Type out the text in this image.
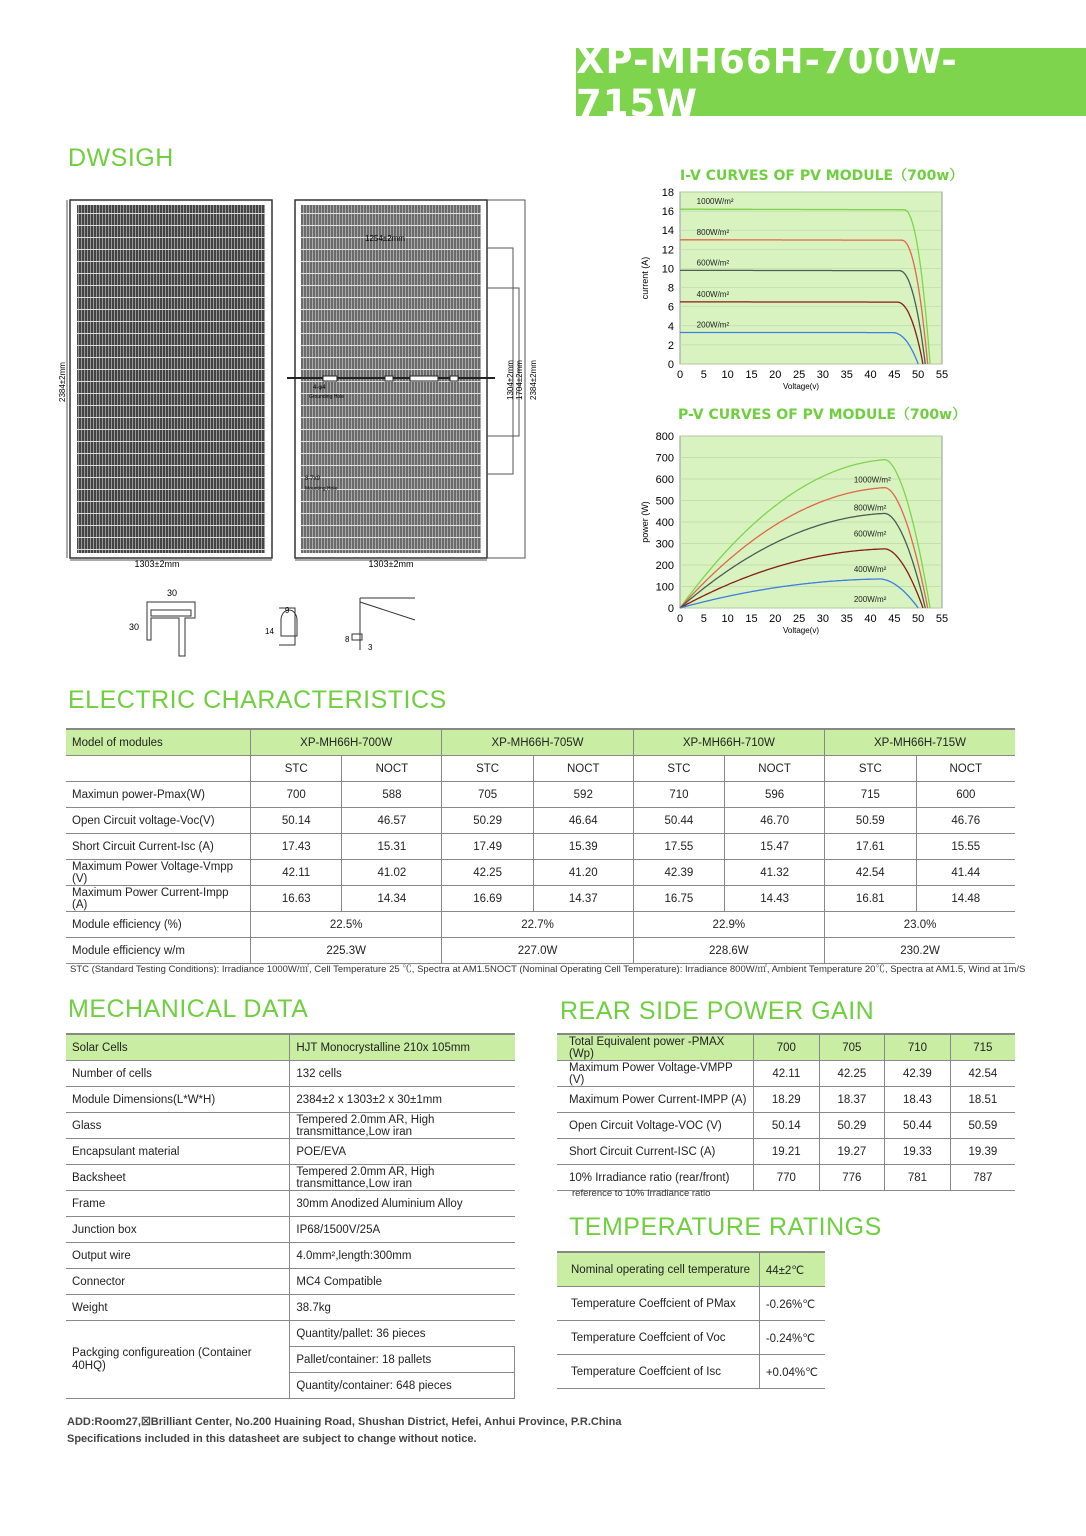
XP-MH66H-700W-715W
DWSIGH
1303±2mm
2384±2mm
1254±2mm
4-φ4
Grounding Hole
8-7x9
Mounting Hole
1303±2mm
1304±2mm 1704±2mm 2384±2mm
30
30
9
14
8
3
I-V CURVES OF PV MODULE（700w）
0
2
4
6
8
10
12
14
16
18
0 5 10 15 20 25 30 35 40 45 50 55
Voltage(v)
current (A)
1000W/m²
800W/m²
600W/m²
400W/m²
200W/m²
P-V CURVES OF PV MODULE（700w）
0
100
200
300
400
500
600
700
800
0 5 10 15 20 25 30 35 40 45 50 55
Voltage(v)
power (W)
1000W/m²
800W/m²
600W/m²
400W/m²
200W/m²
ELECTRIC CHARACTERISTICS
Model of modules	XP-MH66H-700W		XP-MH66H-705W		XP-MH66H-710W		XP-MH66H-715W	
	STC	NOCT	STC	NOCT	STC	NOCT	STC	NOCT
Maximun power-Pmax(W)	700	588	705	592	710	596	715	600
Open Circuit voltage-Voc(V)	50.14	46.57	50.29	46.64	50.44	46.70	50.59	46.76
Short Circuit Current-Isc (A)	17.43	15.31	17.49	15.39	17.55	15.47	17.61	15.55
Maximum Power Voltage-Vmpp (V)	42.11	41.02	42.25	41.20	42.39	41.32	42.54	41.44
Maximum Power Current-Impp (A)	16.63	14.34	16.69	14.37	16.75	14.43	16.81	14.48
Module efficiency (%)	22.5%		22.7%		22.9%		23.0%	
Module efficiency w/m	225.3W		227.0W		228.6W		230.2W	
STC (Standard Testing Conditions): Irradiance 1000W/㎡, Cell Temperature 25 ℃, Spectra at AM1.5 NOCT (Nominal Operating Cell Temperature): Irradiance 800W/㎡, Ambient Temperature 20℃, Spectra at AM1.5, Wind at 1m/S
MECHANICAL DATA
Solar Cells	HJT Monocrystalline 210x 105mm
Number of cells	132 cells
Module Dimensions(L*W*H)	2384±2 x 1303±2 x 30±1mm
Glass	Tempered 2.0mm AR, High transmittance,Low iran
Encapsulant material	POE/EVA
Backsheet	Tempered 2.0mm AR, High transmittance,Low iran
Frame	30mm Anodized Aluminium Alloy
Junction box	IP68/1500V/25A
Output wire	4.0mm²,length:300mm
Connector	MC4 Compatible
Weight	38.7kg
Packging configureation (Container 40HQ)	Quantity/pallet: 36 pieces
	Pallet/container: 18 pallets
	Quantity/container: 648 pieces
REAR SIDE POWER GAIN
Total Equivalent power -PMAX (Wp)	700	705	710	715
Maximum Power Voltage-VMPP (V)	42.11	42.25	42.39	42.54
Maximum Power Current-IMPP (A)	18.29	18.37	18.43	18.51
Open Circuit Voltage-VOC (V)	50.14	50.29	50.44	50.59
Short Circuit Current-ISC (A)	19.21	19.27	19.33	19.39
10% Irradiance ratio (rear/front)	770	776	781	787
reference to 10% Irradiance ratio
TEMPERATURE RATINGS
Nominal operating cell temperature	44±2℃
Temperature Coeffcient of PMax	-0.26%℃
Temperature Coeffcient of Voc	-0.24%℃
Temperature Coeffcient of Isc	+0.04%℃
ADD:Room27,☒Brilliant Center, No.200 Huaining Road, Shushan District, Hefei, Anhui Province, P.R.China
Specifications included in this datasheet are subject to change without notice.
